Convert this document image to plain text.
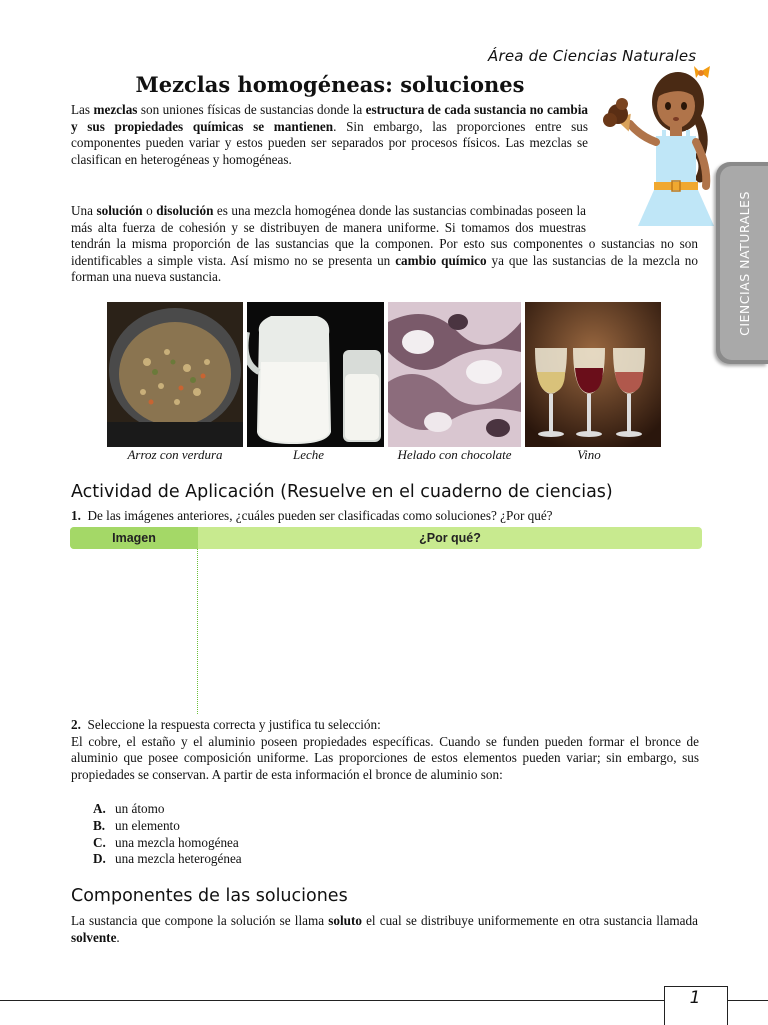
Área de Ciencias Naturales
Mezclas homogéneas: soluciones
CIENCIAS NATURALES
Las mezclas son uniones físicas de sustancias donde la estructura de cada sustancia no cambia y sus propiedades químicas se mantienen. Sin embargo, las proporciones entre sus componentes pueden variar y estos pueden ser separados por procesos físicos. Las mezclas se clasifican en heterogéneas y homogéneas.
Una solución o disolución es una mezcla homogénea donde las sustancias combinadas poseen la más alta fuerza de cohesión y se distribuyen de manera uniforme. Si tomamos dos muestras tendrán la misma proporción de las sustancias que la componen. Por esto sus componentes o sustancias no son identificables a simple vista. Así mismo no se presenta un cambio químico ya que las sustancias de la mezcla no forman una nueva sustancia.
Arroz con verdura	Leche	Helado con chocolate	Vino
Actividad de Aplicación (Resuelve en el cuaderno de ciencias)
1. De las imágenes anteriores, ¿cuáles pueden ser clasificadas como soluciones? ¿Por qué?
Imagen	¿Por qué?
2. Seleccione la respuesta correcta y justifica tu selección:
El cobre, el estaño y el aluminio poseen propiedades específicas. Cuando se funden pueden formar el bronce de aluminio que posee composición uniforme. Las proporciones de estos elementos pueden variar; sin embargo, sus propiedades se conservan. A partir de esta información el bronce de aluminio son:
A. un átomo
B. un elemento
C. una mezcla homogénea
D. una mezcla heterogénea
Componentes de las soluciones
La sustancia que compone la solución se llama soluto el cual se distribuye uniformemente en otra sustancia llamada solvente.
1
